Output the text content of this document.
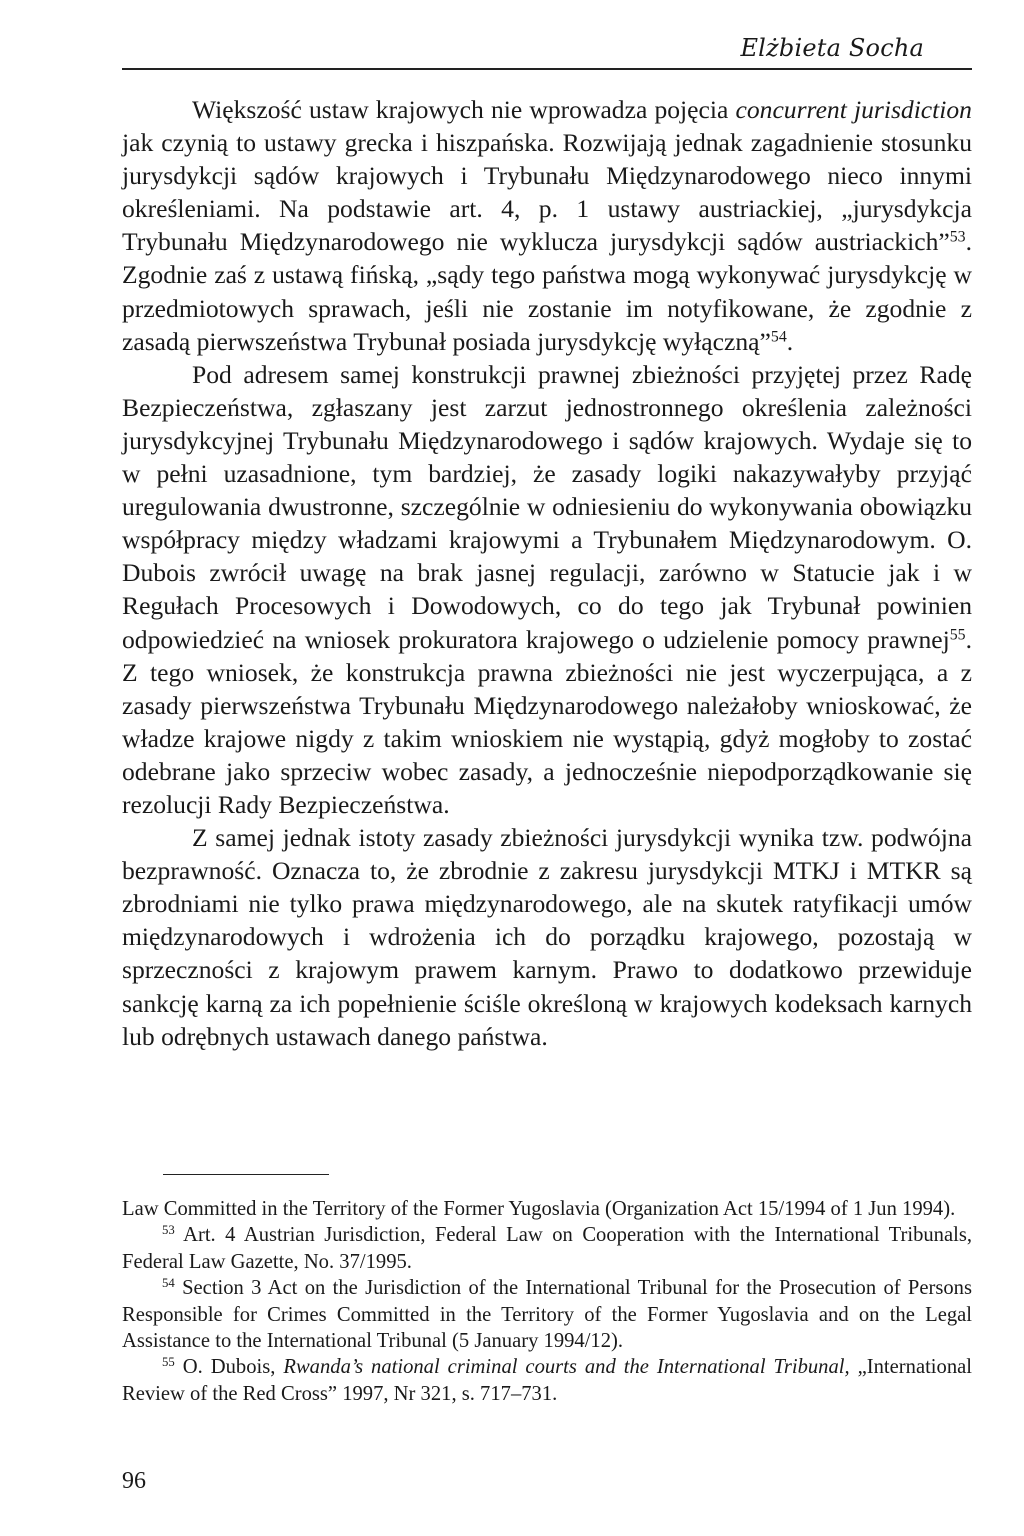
Elżbieta Socha

Większość ustaw krajowych nie wprowadza pojęcia concurrent jurisdiction jak czynią to ustawy grecka i hiszpańska. Rozwijają jednak zagadnienie stosunku jurysdykcji sądów krajowych i Trybunału Międzynarodowego nieco innymi określeniami. Na podstawie art. 4, p. 1 ustawy austriackiej, „jurysdykcja Trybunału Międzynarodowego nie wyklucza jurysdykcji sądów austriackich”$^{53}$. Zgodnie zaś z ustawą fińską, „sądy tego państwa mogą wykonywać jurysdykcję w przedmiotowych sprawach, jeśli nie zostanie im notyfikowane, że zgodnie z zasadą pierwszeństwa Trybunał posiada jurysdykcję wyłączną”$^{54}$.

Pod adresem samej konstrukcji prawnej zbieżności przyjętej przez Radę Bezpieczeństwa, zgłaszany jest zarzut jednostronnego określenia zależności jurysdykcyjnej Trybunału Międzynarodowego i sądów krajowych. Wydaje się to w pełni uzasadnione, tym bardziej, że zasady logiki nakazywałyby przyjąć uregulowania dwustronne, szczególnie w odniesieniu do wykonywania obowiązku współpracy między władzami krajowymi a Trybunałem Międzynarodowym. O. Dubois zwrócił uwagę na brak jasnej regulacji, zarówno w Statucie jak i w Regułach Procesowych i Dowodowych, co do tego jak Trybunał powinien odpowiedzieć na wniosek prokuratora krajowego o udzielenie pomocy prawnej$^{55}$. Z tego wniosek, że konstrukcja prawna zbieżności nie jest wyczerpująca, a z zasady pierwszeństwa Trybunału Międzynarodowego należałoby wnioskować, że władze krajowe nigdy z takim wnioskiem nie wystąpią, gdyż mogłoby to zostać odebrane jako sprzeciw wobec zasady, a jednocześnie niepodporządkowanie się rezolucji Rady Bezpieczeństwa.

Z samej jednak istoty zasady zbieżności jurysdykcji wynika tzw. podwójna bezprawność. Oznacza to, że zbrodnie z zakresu jurysdykcji MTKJ i MTKR są zbrodniami nie tylko prawa międzynarodowego, ale na skutek ratyfikacji umów międzynarodowych i wdrożenia ich do porządku krajowego, pozostają w sprzeczności z krajowym prawem karnym. Prawo to dodatkowo przewiduje sankcję karną za ich popełnienie ściśle określoną w krajowych kodeksach karnych lub odrębnych ustawach danego państwa.

Law Committed in the Territory of the Former Yugoslavia (Organization Act 15/1994 of 1 Jun 1994).

$^{53}$ Art. 4 Austrian Jurisdiction, Federal Law on Cooperation with the International Tribunals, Federal Law Gazette, No. 37/1995.

$^{54}$ Section 3 Act on the Jurisdiction of the International Tribunal for the Prosecution of Persons Responsible for Crimes Committed in the Territory of the Former Yugoslavia and on the Legal Assistance to the International Tribunal (5 January 1994/12).

$^{55}$ O. Dubois, Rwanda’s national criminal courts and the International Tribunal, „International Review of the Red Cross” 1997, Nr 321, s. 717–731.

96
